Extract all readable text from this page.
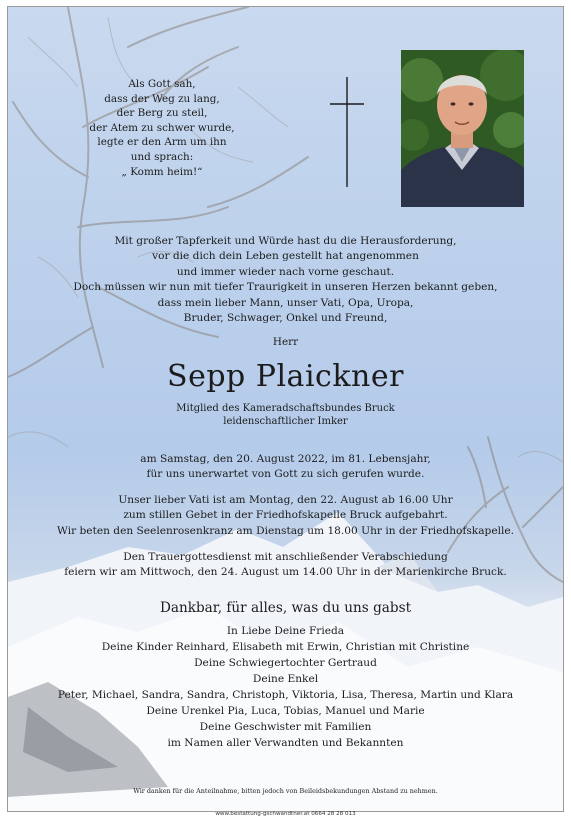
Als Gott sah,
dass der Weg zu lang,
der Berg zu steil,
der Atem zu schwer wurde,
legte er den Arm um ihn
und sprach:
„ Komm heim!“
Mit großer Tapferkeit und Würde hast du die Herausforderung,
vor die dich dein Leben gestellt hat angenommen
und immer wieder nach vorne geschaut.
Doch müssen wir nun mit tiefer Traurigkeit in unseren Herzen bekannt geben,
dass mein lieber Mann, unser Vati, Opa, Uropa,
Bruder, Schwager, Onkel und Freund,
Herr
Sepp Plaickner
Mitglied des Kameradschaftsbundes Bruck
leidenschaftlicher Imker
am Samstag, den 20. August 2022, im 81. Lebensjahr,
für uns unerwartet von Gott zu sich gerufen wurde.
Unser lieber Vati ist am Montag, den 22. August ab 16.00 Uhr
zum stillen Gebet in der Friedhofskapelle Bruck aufgebahrt.
Wir beten den Seelenrosenkranz am Dienstag um 18.00 Uhr in der Friedhofskapelle.
Den Trauergottesdienst mit anschließender Verabschiedung
feiern wir am Mittwoch, den 24. August um 14.00 Uhr in der Marienkirche Bruck.
Dankbar, für alles, was du uns gabst
In Liebe Deine Frieda
Deine Kinder Reinhard, Elisabeth mit Erwin, Christian mit Christine
Deine Schwiegertochter Gertraud
Deine Enkel
Peter, Michael, Sandra, Sandra, Christoph, Viktoria, Lisa, Theresa, Martin und Klara
Deine Urenkel Pia, Luca, Tobias, Manuel und Marie
Deine Geschwister mit Familien
im Namen aller Verwandten und Bekannten
Wir danken für die Anteilnahme, bitten jedoch von Beileidsbekundungen Abstand zu nehmen.
www.bestattung-gschwandtner.at 0664 28 28 013
